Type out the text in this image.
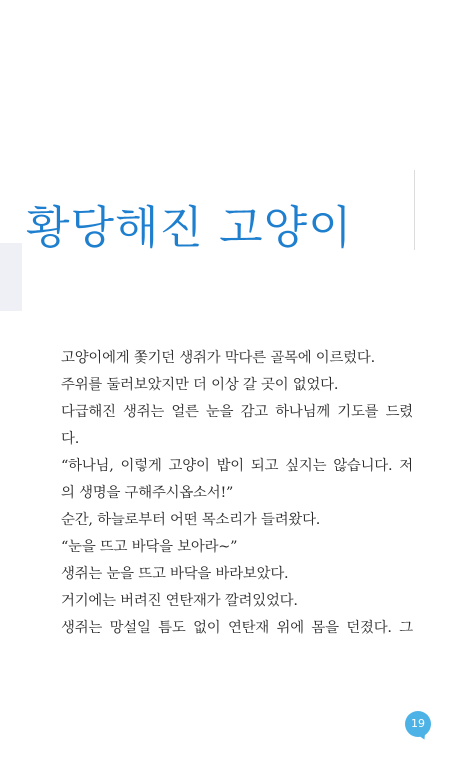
황당해진 고양이
고양이에게 쫓기던 생쥐가 막다른 골목에 이르렀다.
주위를 둘러보았지만 더 이상 갈 곳이 없었다.
다급해진 생쥐는 얼른 눈을 감고 하나님께 기도를 드렸
다.
“하나님, 이렇게 고양이 밥이 되고 싶지는 않습니다. 저
의 생명을 구해주시옵소서!”
순간, 하늘로부터 어떤 목소리가 들려왔다.
“눈을 뜨고 바닥을 보아라~”
생쥐는 눈을 뜨고 바닥을 바라보았다.
거기에는 버려진 연탄재가 깔려있었다.
생쥐는 망설일 틈도 없이 연탄재 위에 몸을 던졌다. 그
19
